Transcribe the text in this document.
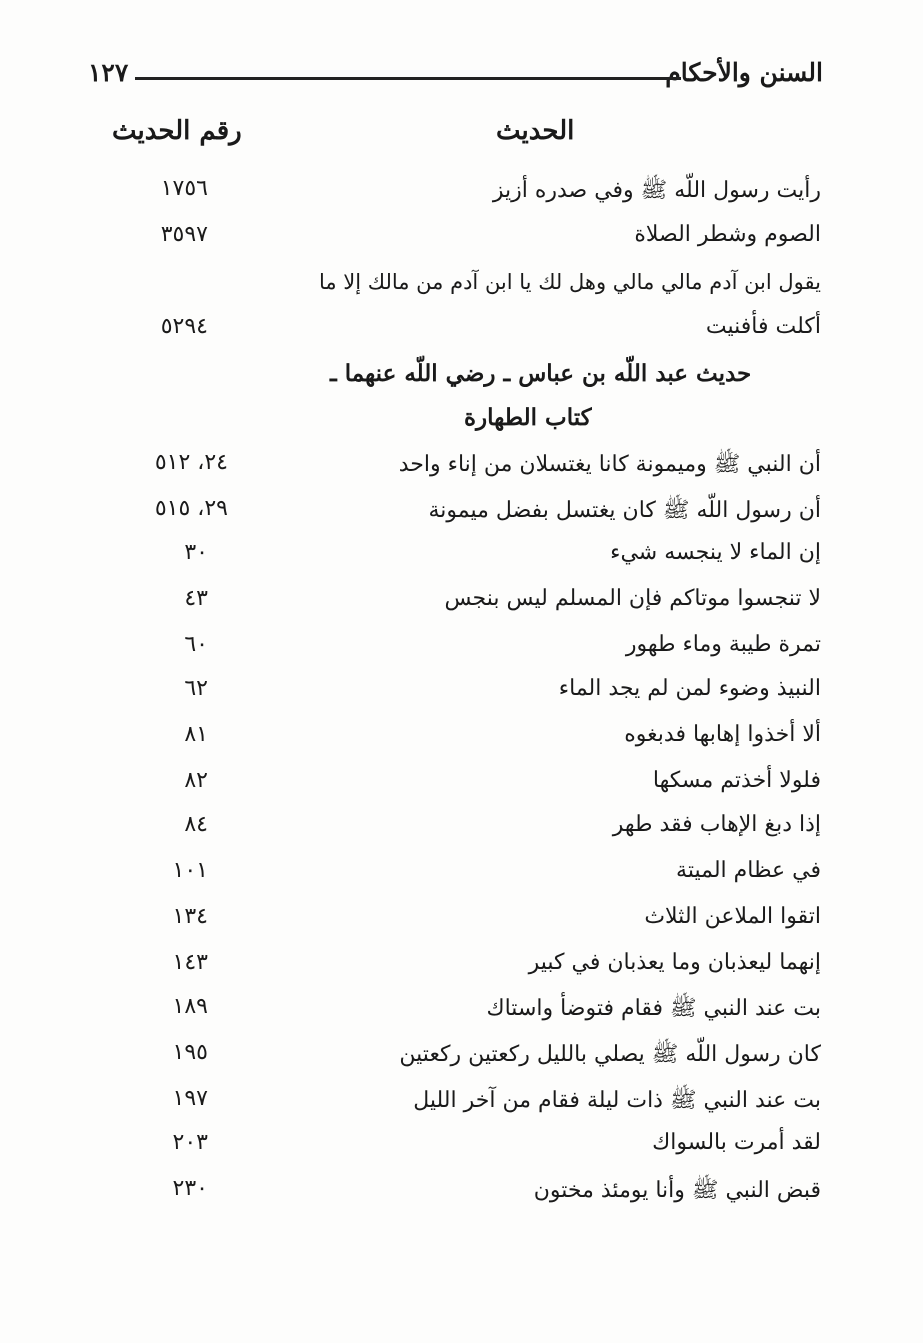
السنن والأحكام
١٢٧
الحديث
رقم الحديث
رأيت رسول اللّه ﷺ وفي صدره أزيز
١٧٥٦
الصوم وشطر الصلاة
٣٥٩٧
يقول ابن آدم مالي مالي وهل لك يا ابن آدم من مالك إلا ما
أكلت فأفنيت
٥٢٩٤
حديث عبد اللّه بن عباس ـ رضي اللّه عنهما ـ
كتاب الطهارة
أن النبي ﷺ وميمونة كانا يغتسلان من إناء واحد
٢٤، ٥١٢
أن رسول اللّه ﷺ كان يغتسل بفضل ميمونة
٢٩، ٥١٥
إن الماء لا ينجسه شيء
٣٠
لا تنجسوا موتاكم فإن المسلم ليس بنجس
٤٣
تمرة طيبة وماء طهور
٦٠
النبيذ وضوء لمن لم يجد الماء
٦٢
ألا أخذوا إهابها فدبغوه
٨١
فلولا أخذتم مسكها
٨٢
إذا دبغ الإهاب فقد طهر
٨٤
في عظام الميتة
١٠١
اتقوا الملاعن الثلاث
١٣٤
إنهما ليعذبان وما يعذبان في كبير
١٤٣
بت عند النبي ﷺ فقام فتوضأ واستاك
١٨٩
كان رسول اللّه ﷺ يصلي بالليل ركعتين ركعتين
١٩٥
بت عند النبي ﷺ ذات ليلة فقام من آخر الليل
١٩٧
لقد أمرت بالسواك
٢٠٣
قبض النبي ﷺ وأنا يومئذ مختون
٢٣٠
